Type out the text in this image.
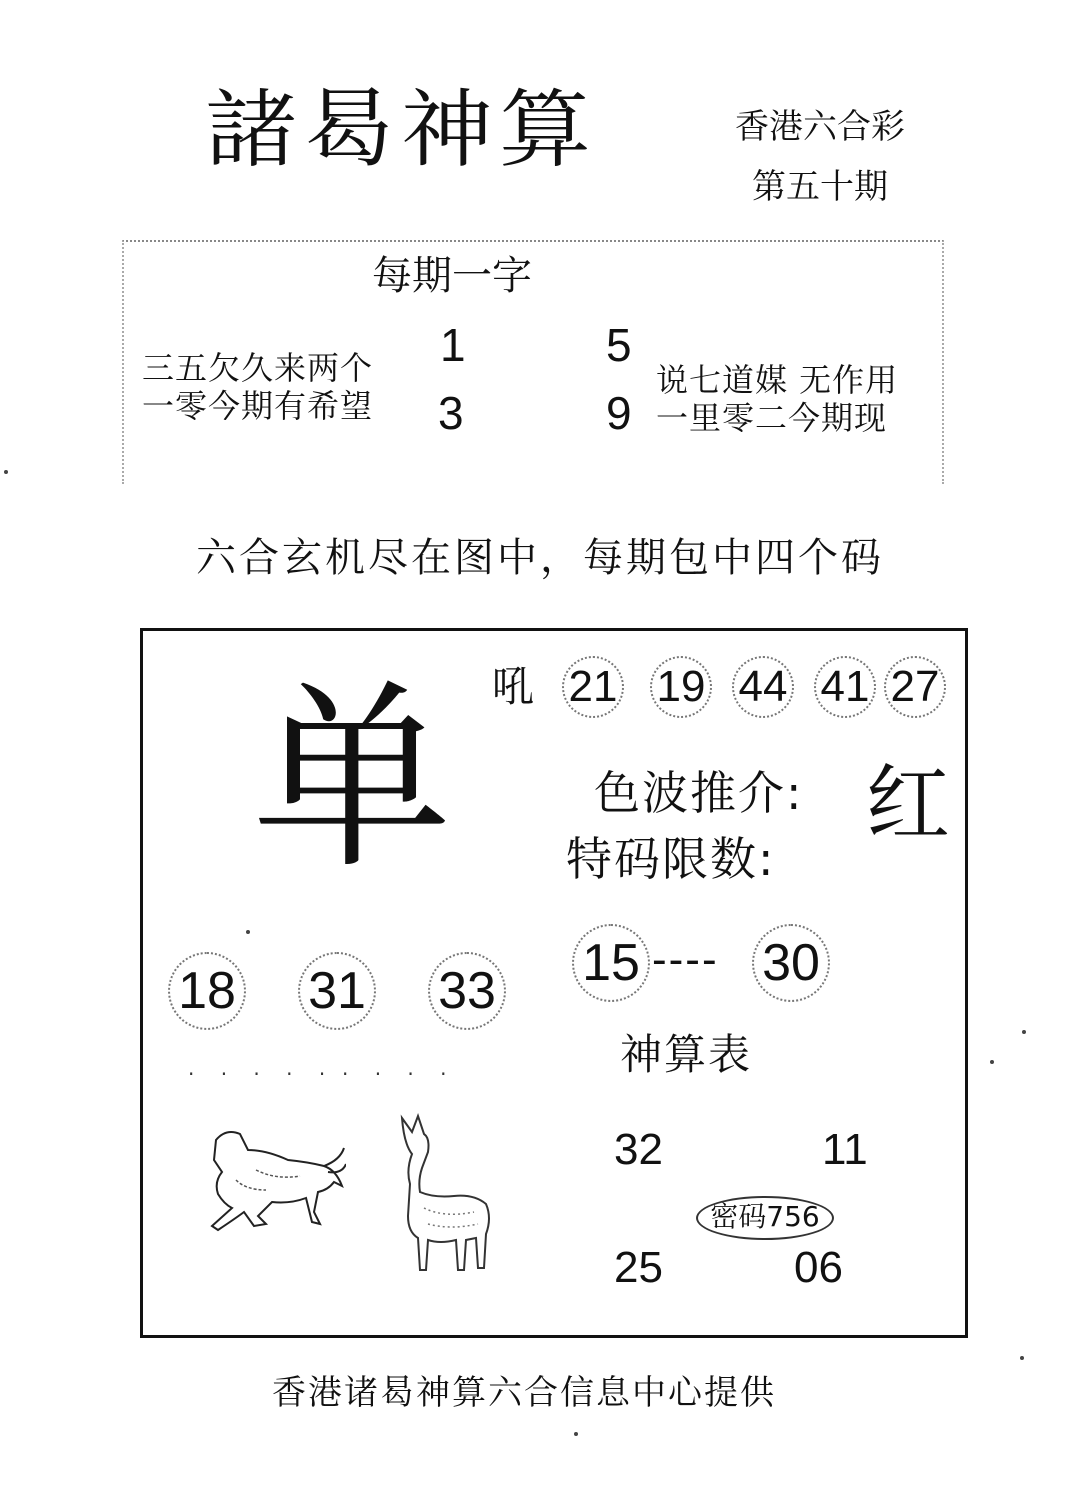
諸曷神算	香港六合彩
第五十期
每期一字
1	5
3	9
三五欠久来两个
一零今期有希望
说七道媒 无作用
一里零二今期现
六合玄机尽在图中，每期包中四个码
单 吼 21 19 44 41 27
色波推介: 红
特码限数:
15 ---- 30
18 31 33
· · · · · · · · ·	神算表
32	11
25	06
密码756
香港诸曷神算六合信息中心提供
